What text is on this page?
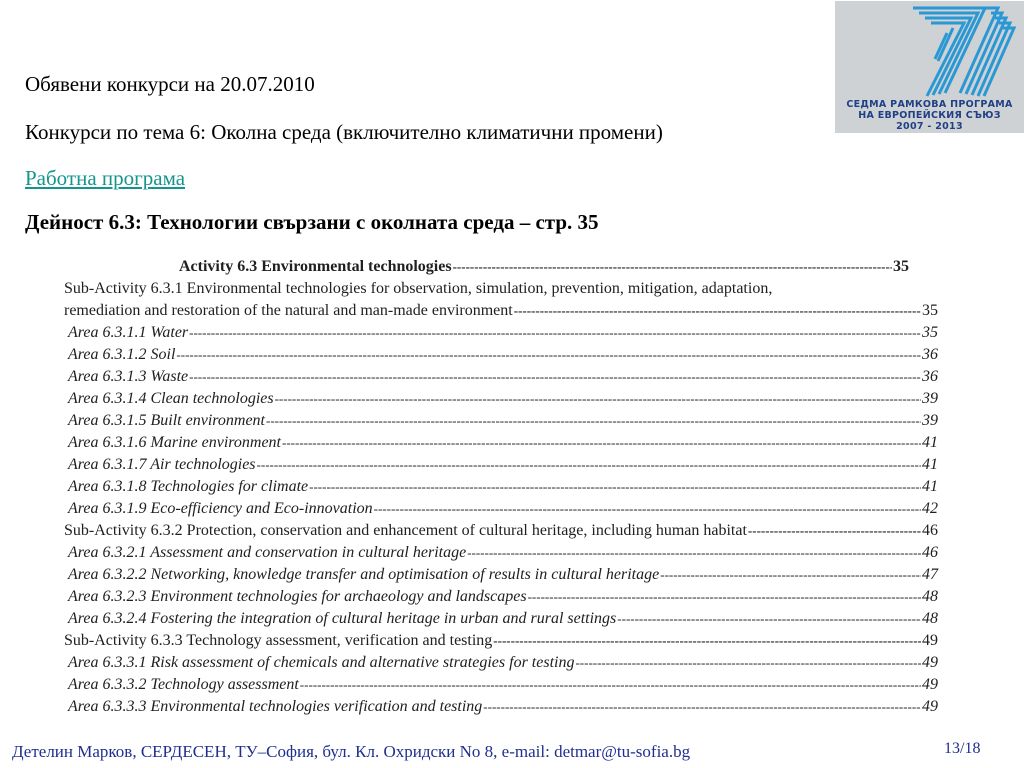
Обявени конкурси на 20.07.2010
Конкурси по тема 6: Околна среда (включително климатични промени)
Работна програма
Дейност 6.3: Технологии свързани с околната среда – стр. 35
СЕДМА РАМКОВА ПРОГРАМА
НА ЕВРОПЕЙСКИЯ СЪЮЗ
2007 - 2013
Activity 6.3 Environmental technologies -----	35
Sub-Activity 6.3.1 Environmental technologies for observation, simulation, prevention, mitigation, adaptation,
remediation and restoration of the natural and man-made environment -----	35
Area 6.3.1.1 Water -----	35
Area 6.3.1.2 Soil -----	36
Area 6.3.1.3 Waste -----	36
Area 6.3.1.4 Clean technologies -----	39
Area 6.3.1.5 Built environment -----	39
Area 6.3.1.6 Marine environment -----	41
Area 6.3.1.7 Air technologies -----	41
Area 6.3.1.8 Technologies for climate -----	41
Area 6.3.1.9 Eco-efficiency and Eco-innovation -----	42
Sub-Activity 6.3.2 Protection, conservation and enhancement of cultural heritage, including human habitat -----	46
Area 6.3.2.1 Assessment and conservation in cultural heritage -----	46
Area 6.3.2.2 Networking, knowledge transfer and optimisation of results in cultural heritage -----	47
Area 6.3.2.3 Environment technologies for archaeology and landscapes -----	48
Area 6.3.2.4 Fostering the integration of cultural heritage in urban and rural settings -----	48
Sub-Activity 6.3.3 Technology assessment, verification and testing -----	49
Area 6.3.3.1 Risk assessment of chemicals and alternative strategies for testing -----	49
Area 6.3.3.2 Technology assessment -----	49
Area 6.3.3.3 Environmental technologies verification and testing -----	49
Детелин Марков, СЕРДЕСЕН, ТУ–София, бул. Кл. Охридски No 8, e-mail: detmar@tu-sofia.bg	13/18
